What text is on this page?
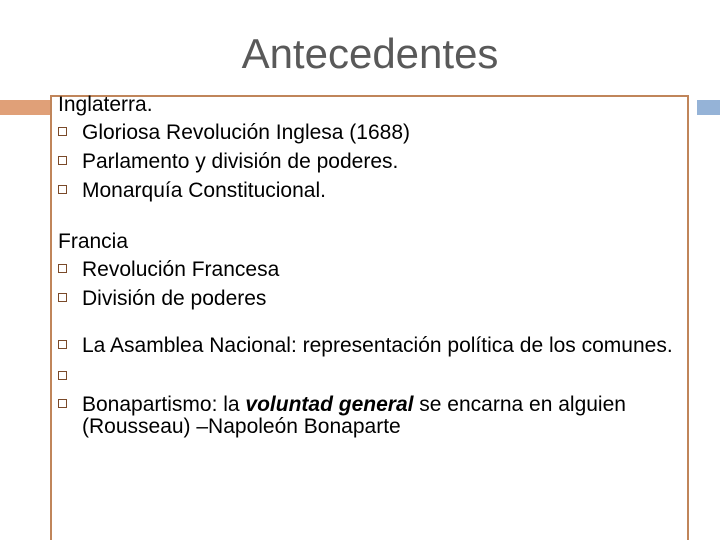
Antecedentes
Inglaterra.
Gloriosa Revolución Inglesa (1688)
Parlamento y división de poderes.
Monarquía Constitucional.
Francia
Revolución Francesa
División de poderes
La Asamblea Nacional: representación política de los comunes.
Bonapartismo: la voluntad general se encarna en alguien (Rousseau) –Napoleón Bonaparte
